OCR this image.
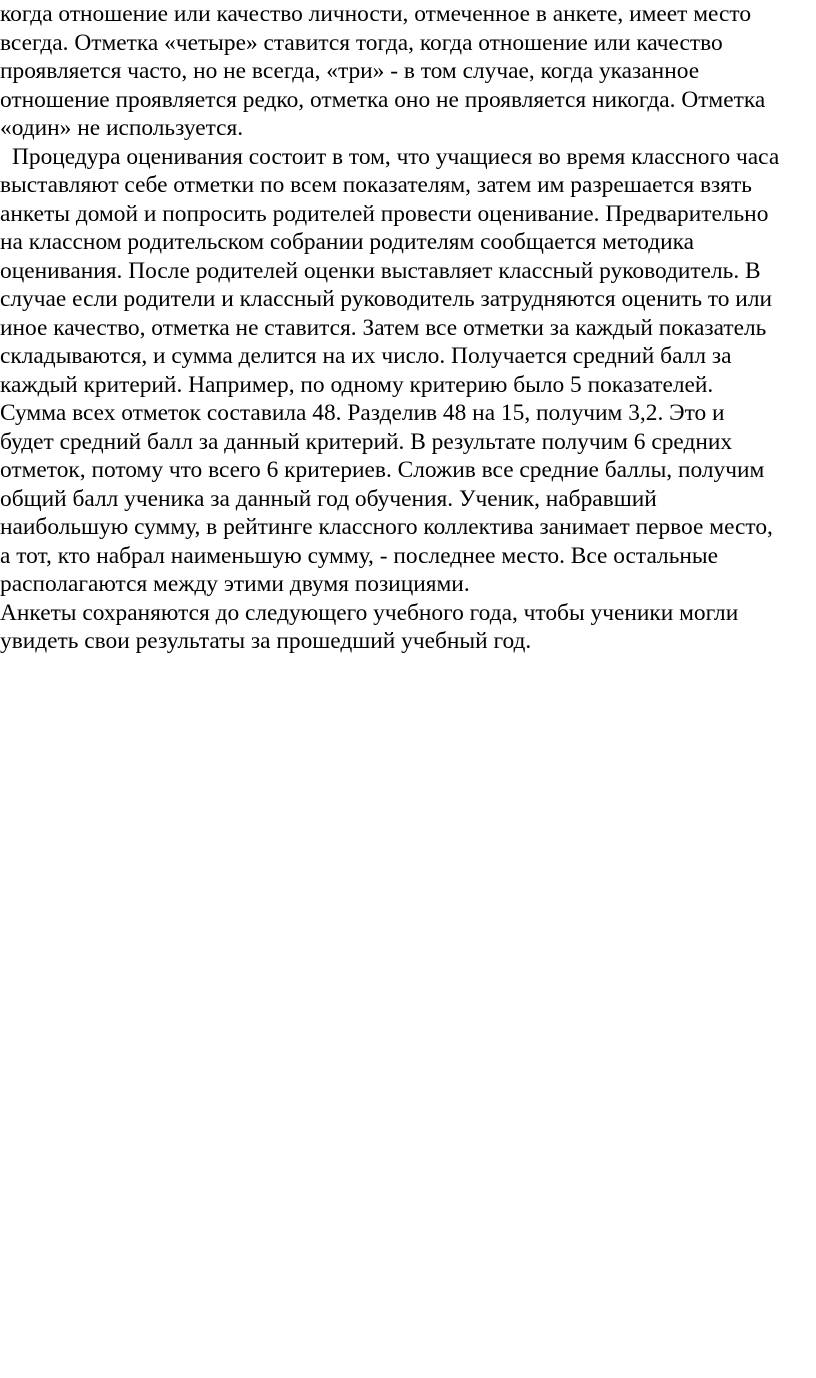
когда отношение или качество личности, отмеченное в анкете, имеет место
всегда. Отметка «четыре» ставится тогда, когда отношение или качество
проявляется часто, но не всегда, «три» - в том случае, когда указанное
отношение проявляется редко, отметка оно не проявляется никогда. Отметка
«один» не используется.
Процедура оценивания состоит в том, что учащиеся во время классного часа
выставляют себе отметки по всем показателям, затем им разрешается взять
анкеты домой и попросить родителей провести оценивание. Предварительно
на классном родительском собрании родителям сообщается методика
оценивания. После родителей оценки выставляет классный руководитель. В
случае если родители и классный руководитель затрудняются оценить то или
иное качество, отметка не ставится. Затем все отметки за каждый показатель
складываются, и сумма делится на их число. Получается средний балл за
каждый критерий. Например, по одному критерию было 5 показателей.
Сумма всех отметок составила 48. Разделив 48 на 15, получим 3,2. Это и
будет средний балл за данный критерий. В результате получим 6 средних
отметок, потому что всего 6 критериев. Сложив все средние баллы, получим
общий балл ученика за данный год обучения. Ученик, набравший
наибольшую сумму, в рейтинге классного коллектива занимает первое место,
а тот, кто набрал наименьшую сумму, - последнее место. Все остальные
располагаются между этими двумя позициями.
Анкеты сохраняются до следующего учебного года, чтобы ученики могли
увидеть свои результаты за прошедший учебный год.
